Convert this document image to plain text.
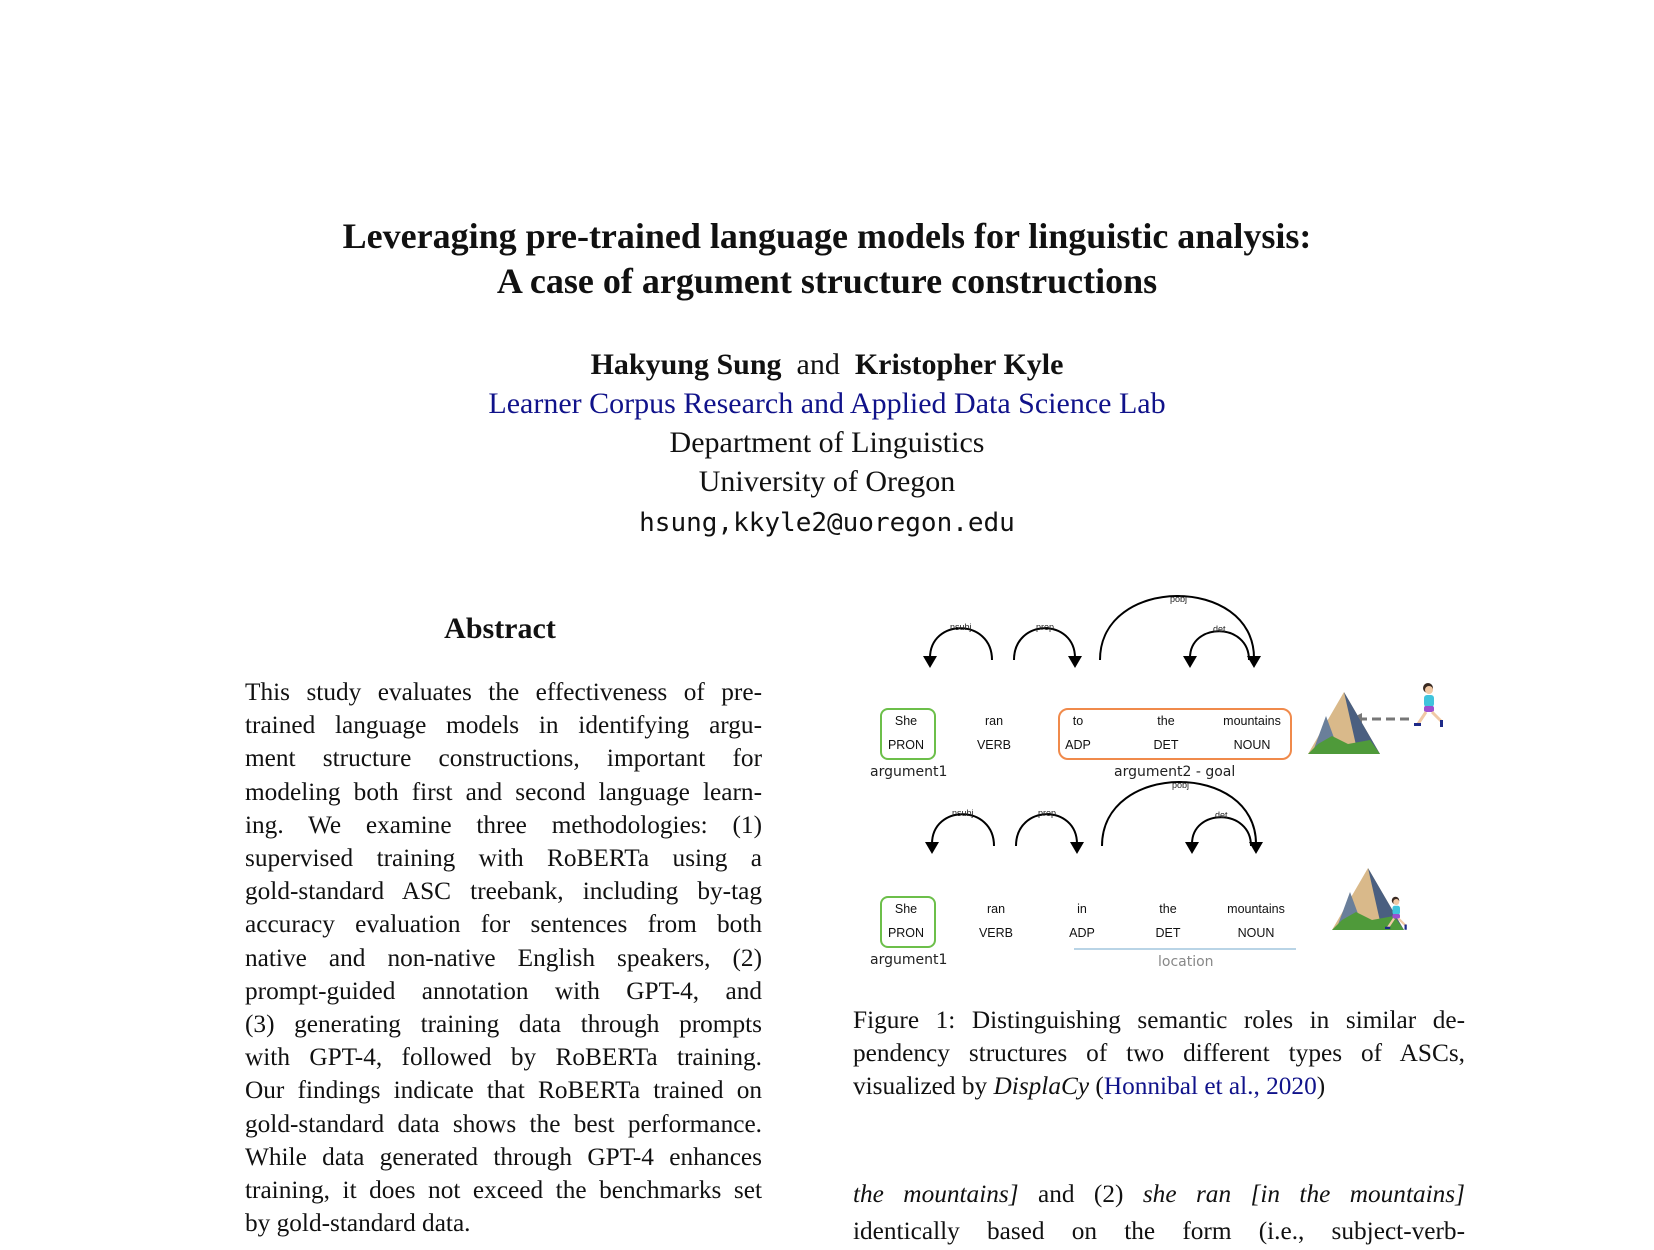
Leveraging pre-trained language models for linguistic analysis:
A case of argument structure constructions
Hakyung Sung and Kristopher Kyle
Learner Corpus Research and Applied Data Science Lab
Department of Linguistics
University of Oregon
hsung,kkyle2@uoregon.edu
Abstract
This study evaluates the effectiveness of pre-
trained language models in identifying argu-
ment structure constructions, important for
modeling both first and second language learn-
ing. We examine three methodologies: (1)
supervised training with RoBERTa using a
gold-standard ASC treebank, including by-tag
accuracy evaluation for sentences from both
native and non-native English speakers, (2)
prompt-guided annotation with GPT-4, and
(3) generating training data through prompts
with GPT-4, followed by RoBERTa training.
Our findings indicate that RoBERTa trained on
gold-standard data shows the best performance.
While data generated through GPT-4 enhances
training, it does not exceed the benchmarks set
by gold-standard data.
nsubj	prep	det
pobj
nsubj	prep
pobj
det
She
PRON
ran
VERB
to
ADP
the
DET
mountains
NOUN
argument1	argument2 - goal
She
PRON
ran
VERB
in
ADP
the
DET
mountains
NOUN
argument1	location
Figure 1: Distinguishing semantic roles in similar de-
pendency structures of two different types of ASCs,
visualized by DisplaCy (Honnibal et al., 2020)
the mountains] and (2) she ran [in the mountains]
identically based on the form (i.e., subject-verb-
